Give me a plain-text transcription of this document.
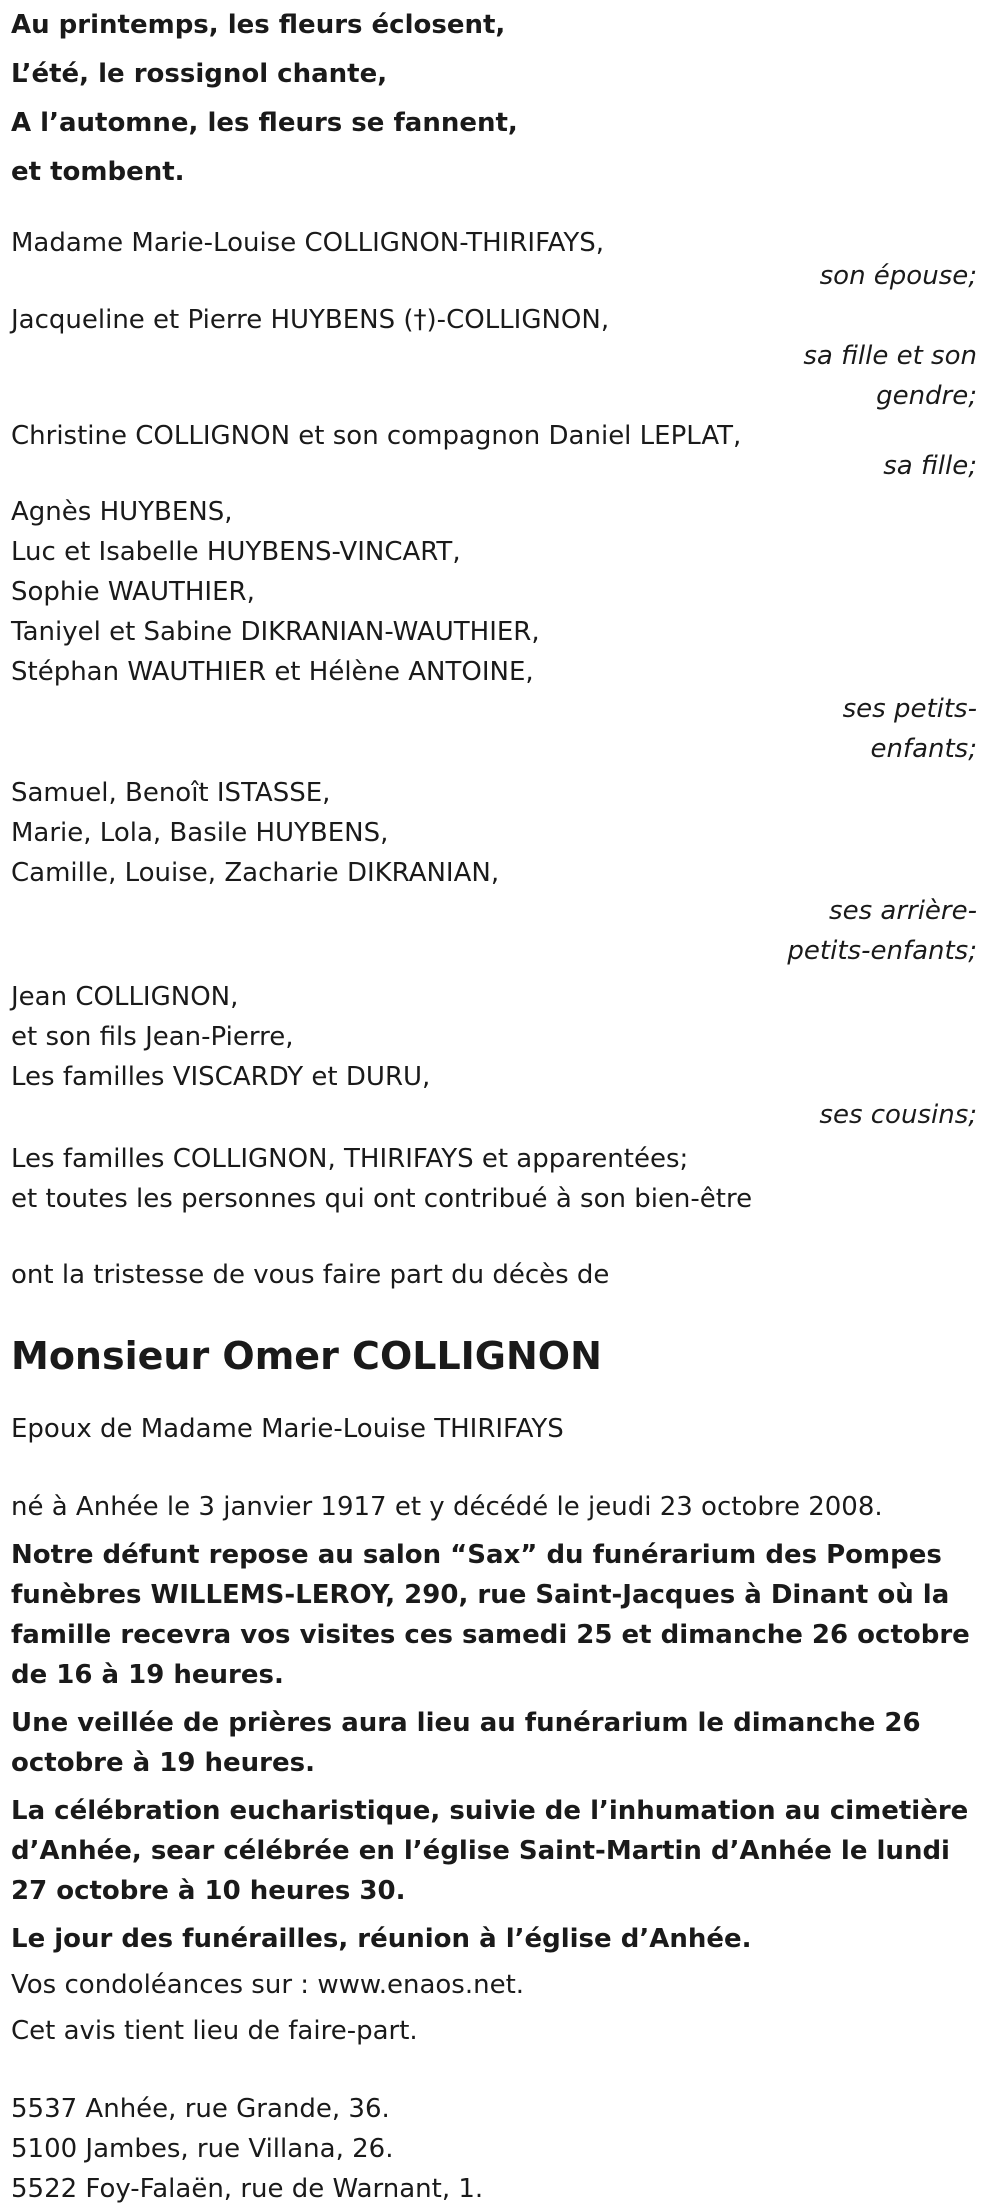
Au printemps, les fleurs éclosent,
L’été, le rossignol chante,
A l’automne, les fleurs se fannent,
et tombent.
Madame Marie-Louise COLLIGNON-THIRIFAYS,
son épouse;
Jacqueline et Pierre HUYBENS (†)-COLLIGNON,
sa fille et son gendre;
Christine COLLIGNON et son compagnon Daniel LEPLAT,
sa fille;
Agnès HUYBENS,
Luc et Isabelle HUYBENS-VINCART,
Sophie WAUTHIER,
Taniyel et Sabine DIKRANIAN-WAUTHIER,
Stéphan WAUTHIER et Hélène ANTOINE,
ses petits-enfants;
Samuel, Benoît ISTASSE,
Marie, Lola, Basile HUYBENS,
Camille, Louise, Zacharie DIKRANIAN,
ses arrière-petits-enfants;
Jean COLLIGNON,
et son fils Jean-Pierre,
Les familles VISCARDY et DURU,
ses cousins;
Les familles COLLIGNON, THIRIFAYS et apparentées;
et toutes les personnes qui ont contribué à son bien-être
ont la tristesse de vous faire part du décès de
Monsieur Omer COLLIGNON
Epoux de Madame Marie-Louise THIRIFAYS
né à Anhée le 3 janvier 1917 et y décédé le jeudi 23 octobre 2008.
Notre défunt repose au salon “Sax” du funérarium des Pompes funèbres WILLEMS-LEROY, 290, rue Saint-Jacques à Dinant où la famille recevra vos visites ces samedi 25 et dimanche 26 octobre de 16 à 19 heures.
Une veillée de prières aura lieu au funérarium le dimanche 26 octobre à 19 heures.
La célébration eucharistique, suivie de l’inhumation au cimetière d’Anhée, sear célébrée en l’église Saint-Martin d’Anhée le lundi 27 octobre à 10 heures 30.
Le jour des funérailles, réunion à l’église d’Anhée.
Vos condoléances sur : www.enaos.net.
Cet avis tient lieu de faire-part.
5537 Anhée, rue Grande, 36.
5100 Jambes, rue Villana, 26.
5522 Foy-Falaën, rue de Warnant, 1.
